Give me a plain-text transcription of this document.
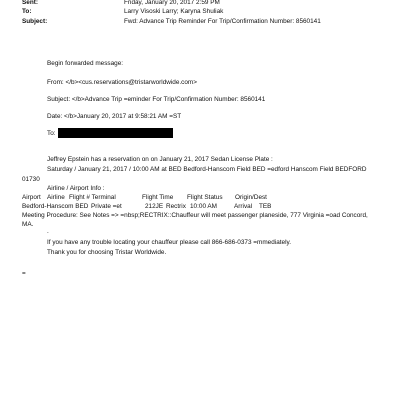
Sent:	Friday, January 20, 2017 2:59 PM
To:	Larry Visoski Larry; Karyna Shuliak
Subject:	Fwd: Advance Trip Reminder For Trip/Confirmation Number: 8560141
Begin forwarded message:
From: </b><cus.reservations@tristarworldwide.com>
Subject: </b>Advance Trip =eminder For Trip/Confirmation Number: 8560141
Date: </b>January 20, 2017 at 9:58:21 AM =ST
To:
Jeffrey Epstein has a reservation on on January 21, 2017 Sedan License Plate :
Saturday / January 21, 2017 / 10:00 AM at BED Bedford-Hanscom Field BED =edford Hanscom Field BEDFORD
01730
Airline / Airport Info :
Airport Airline Flight # Terminal	Flight Time Flight Status Origin/Dest
Bedford-Hanscom BED Private =et	212JE Rectrix 10:00 AM	Arrival TEB
Meeting Procedure: See Notes => =nbsp;RECTRIX::Chauffeur will meet passenger planeside, 777 Virginia =oad Concord,
MA.
.
If you have any trouble locating your chauffeur please call 866-686-0373 =mmediately.
Thank you for choosing Tristar Worldwide.
=
